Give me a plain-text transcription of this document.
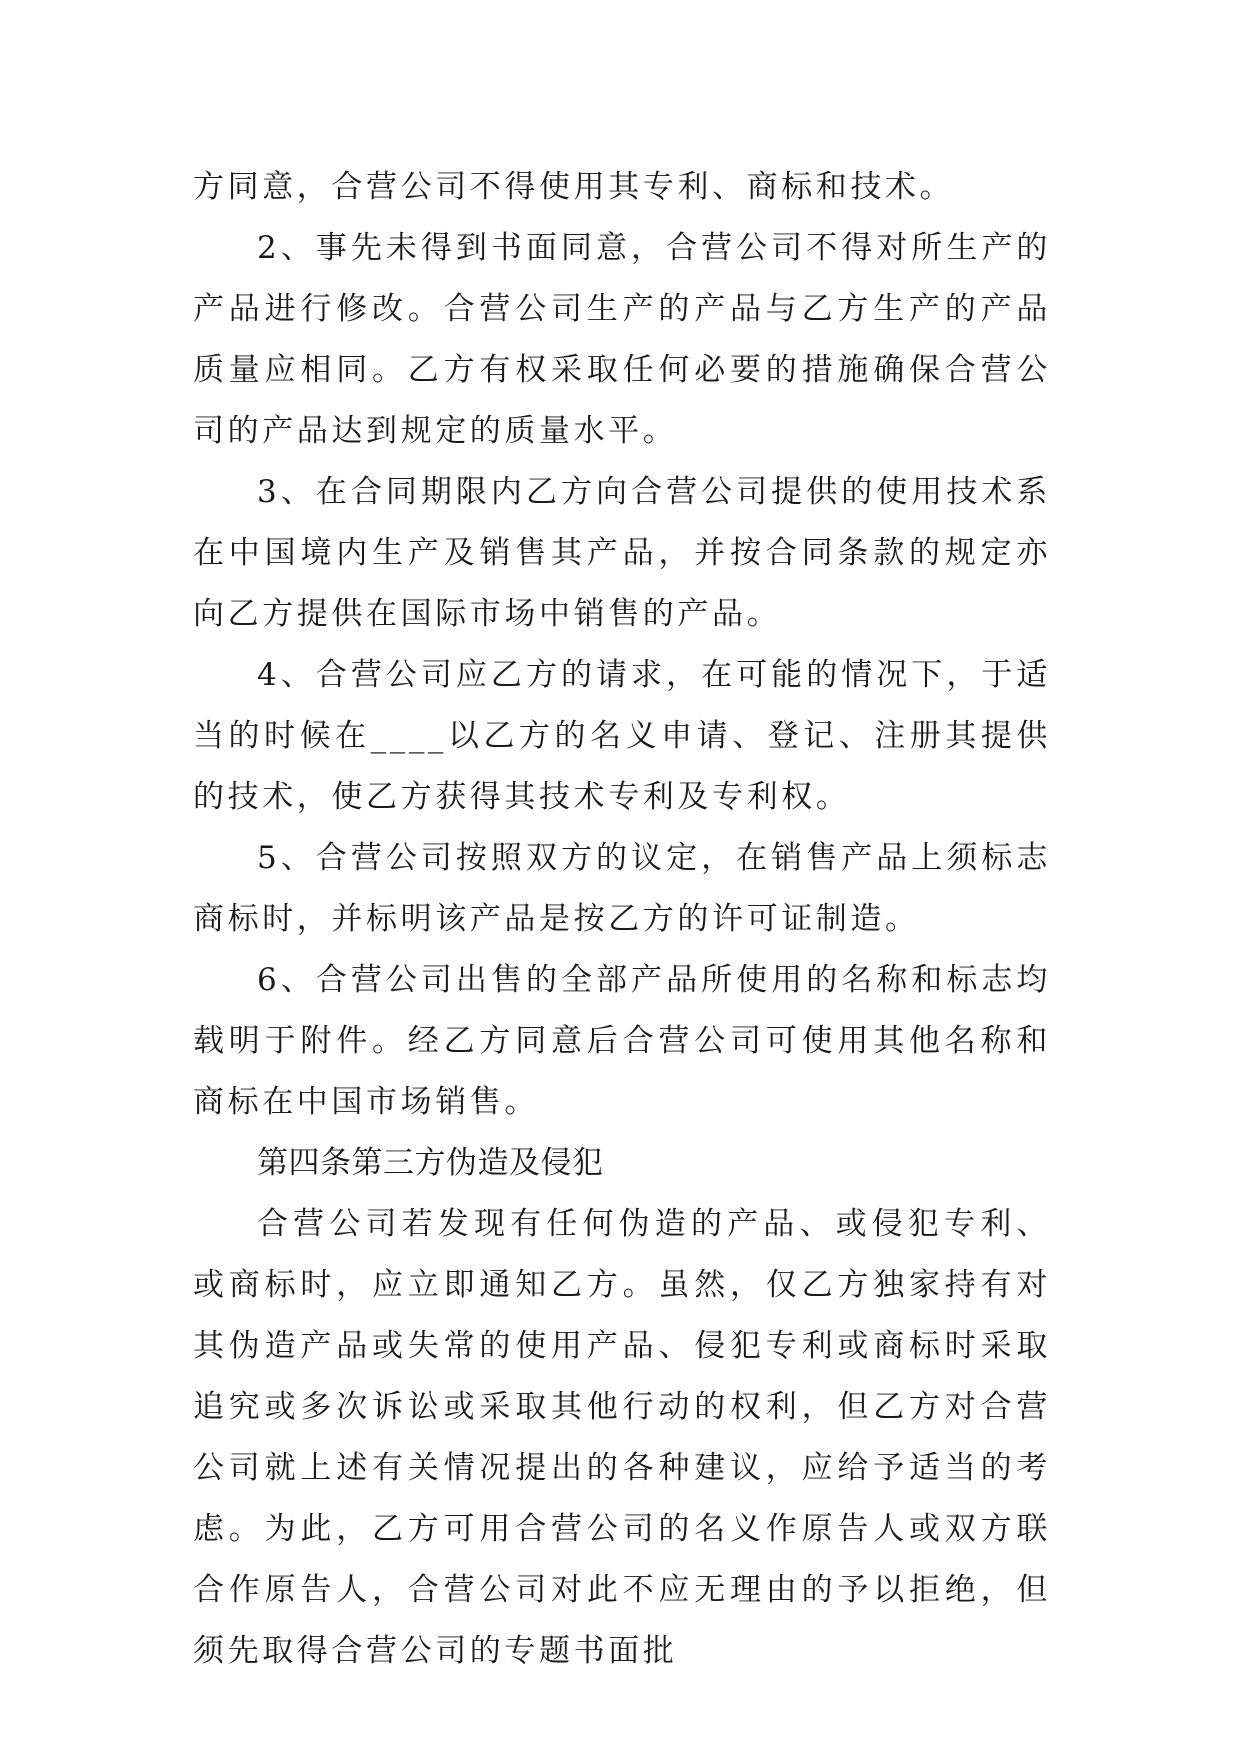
方同意，合营公司不得使用其专利、商标和技术。

2、事先未得到书面同意，合营公司不得对所生产的产品进行修改。合营公司生产的产品与乙方生产的产品质量应相同。乙方有权采取任何必要的措施确保合营公司的产品达到规定的质量水平。

3、在合同期限内乙方向合营公司提供的使用技术系在中国境内生产及销售其产品，并按合同条款的规定亦向乙方提供在国际市场中销售的产品。

4、合营公司应乙方的请求，在可能的情况下，于适当的时候在____以乙方的名义申请、登记、注册其提供的技术，使乙方获得其技术专利及专利权。

5、合营公司按照双方的议定，在销售产品上须标志商标时，并标明该产品是按乙方的许可证制造。

6、合营公司出售的全部产品所使用的名称和标志均载明于附件。经乙方同意后合营公司可使用其他名称和商标在中国市场销售。

第四条第三方伪造及侵犯

合营公司若发现有任何伪造的产品、或侵犯专利、或商标时，应立即通知乙方。虽然，仅乙方独家持有对其伪造产品或失常的使用产品、侵犯专利或商标时采取追究或多次诉讼或采取其他行动的权利，但乙方对合营公司就上述有关情况提出的各种建议，应给予适当的考虑。为此，乙方可用合营公司的名义作原告人或双方联合作原告人，合营公司对此不应无理由的予以拒绝，但须先取得合营公司的专题书面批
